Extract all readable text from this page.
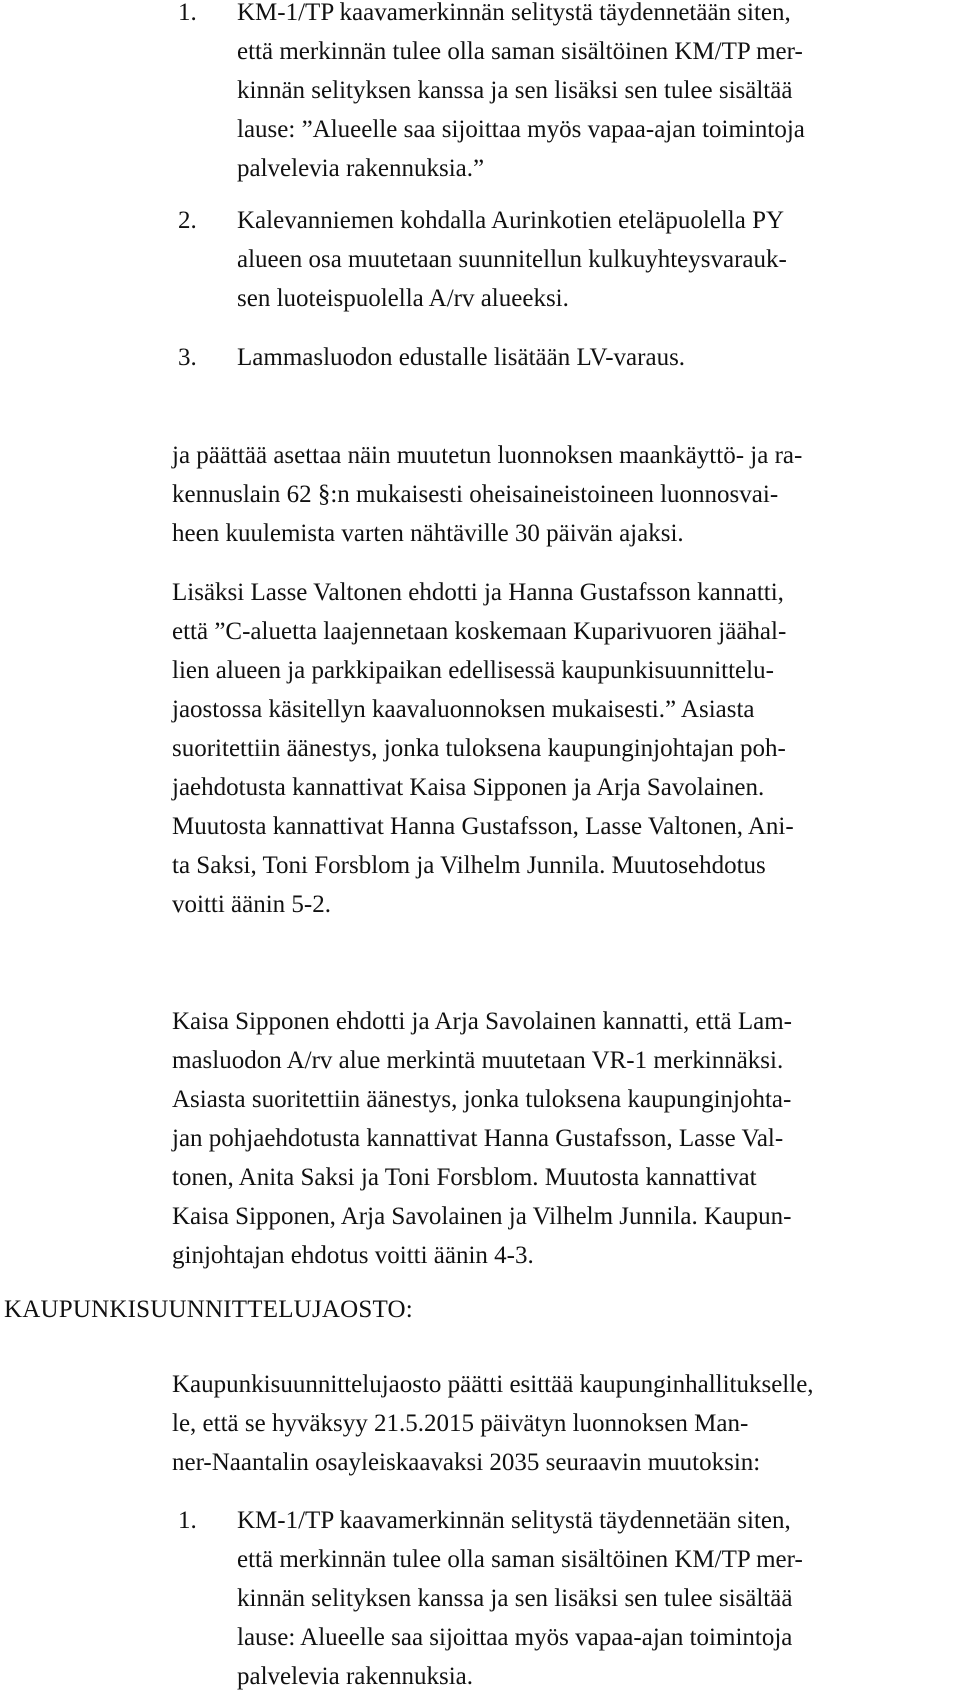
1. KM-1/TP kaavamerkinnän selitystä täydennetään siten,
että merkinnän tulee olla saman sisältöinen KM/TP mer-
kinnän selityksen kanssa ja sen lisäksi sen tulee sisältää
lause: ”Alueelle saa sijoittaa myös vapaa-ajan toimintoja
palvelevia rakennuksia.”
2. Kalevanniemen kohdalla Aurinkotien eteläpuolella PY
alueen osa muutetaan suunnitellun kulkuyhteysvarauk-
sen luoteispuolella A/rv alueeksi.
3. Lammasluodon edustalle lisätään LV-varaus.
ja päättää asettaa näin muutetun luonnoksen maankäyttö- ja ra-
kennuslain 62 §:n mukaisesti oheisaineistoineen luonnosvai-
heen kuulemista varten nähtäville 30 päivän ajaksi.
Lisäksi Lasse Valtonen ehdotti ja Hanna Gustafsson kannatti,
että ”C-aluetta laajennetaan koskemaan Kuparivuoren jäähal-
lien alueen ja parkkipaikan edellisessä kaupunkisuunnittelu-
jaostossa käsitellyn kaavaluonnoksen mukaisesti.” Asiasta
suoritettiin äänestys, jonka tuloksena kaupunginjohtajan poh-
jaehdotusta kannattivat Kaisa Sipponen ja Arja Savolainen.
Muutosta kannattivat Hanna Gustafsson, Lasse Valtonen, Ani-
ta Saksi, Toni Forsblom ja Vilhelm Junnila. Muutosehdotus
voitti äänin 5-2.
Kaisa Sipponen ehdotti ja Arja Savolainen kannatti, että Lam-
masluodon A/rv alue merkintä muutetaan VR-1 merkinnäksi.
Asiasta suoritettiin äänestys, jonka tuloksena kaupunginjohta-
jan pohjaehdotusta kannattivat Hanna Gustafsson, Lasse Val-
tonen, Anita Saksi ja Toni Forsblom. Muutosta kannattivat
Kaisa Sipponen, Arja Savolainen ja Vilhelm Junnila. Kaupun-
ginjohtajan ehdotus voitti äänin 4-3.
KAUPUNKISUUNNITTELUJAOSTO:
Kaupunkisuunnittelujaosto päätti esittää kaupunginhallitukselle,
le, että se hyväksyy 21.5.2015 päivätyn luonnoksen Man-
ner-Naantalin osayleiskaavaksi 2035 seuraavin muutoksin:
1. KM-1/TP kaavamerkinnän selitystä täydennetään siten,
että merkinnän tulee olla saman sisältöinen KM/TP mer-
kinnän selityksen kanssa ja sen lisäksi sen tulee sisältää
lause: Alueelle saa sijoittaa myös vapaa-ajan toimintoja
palvelevia rakennuksia.
